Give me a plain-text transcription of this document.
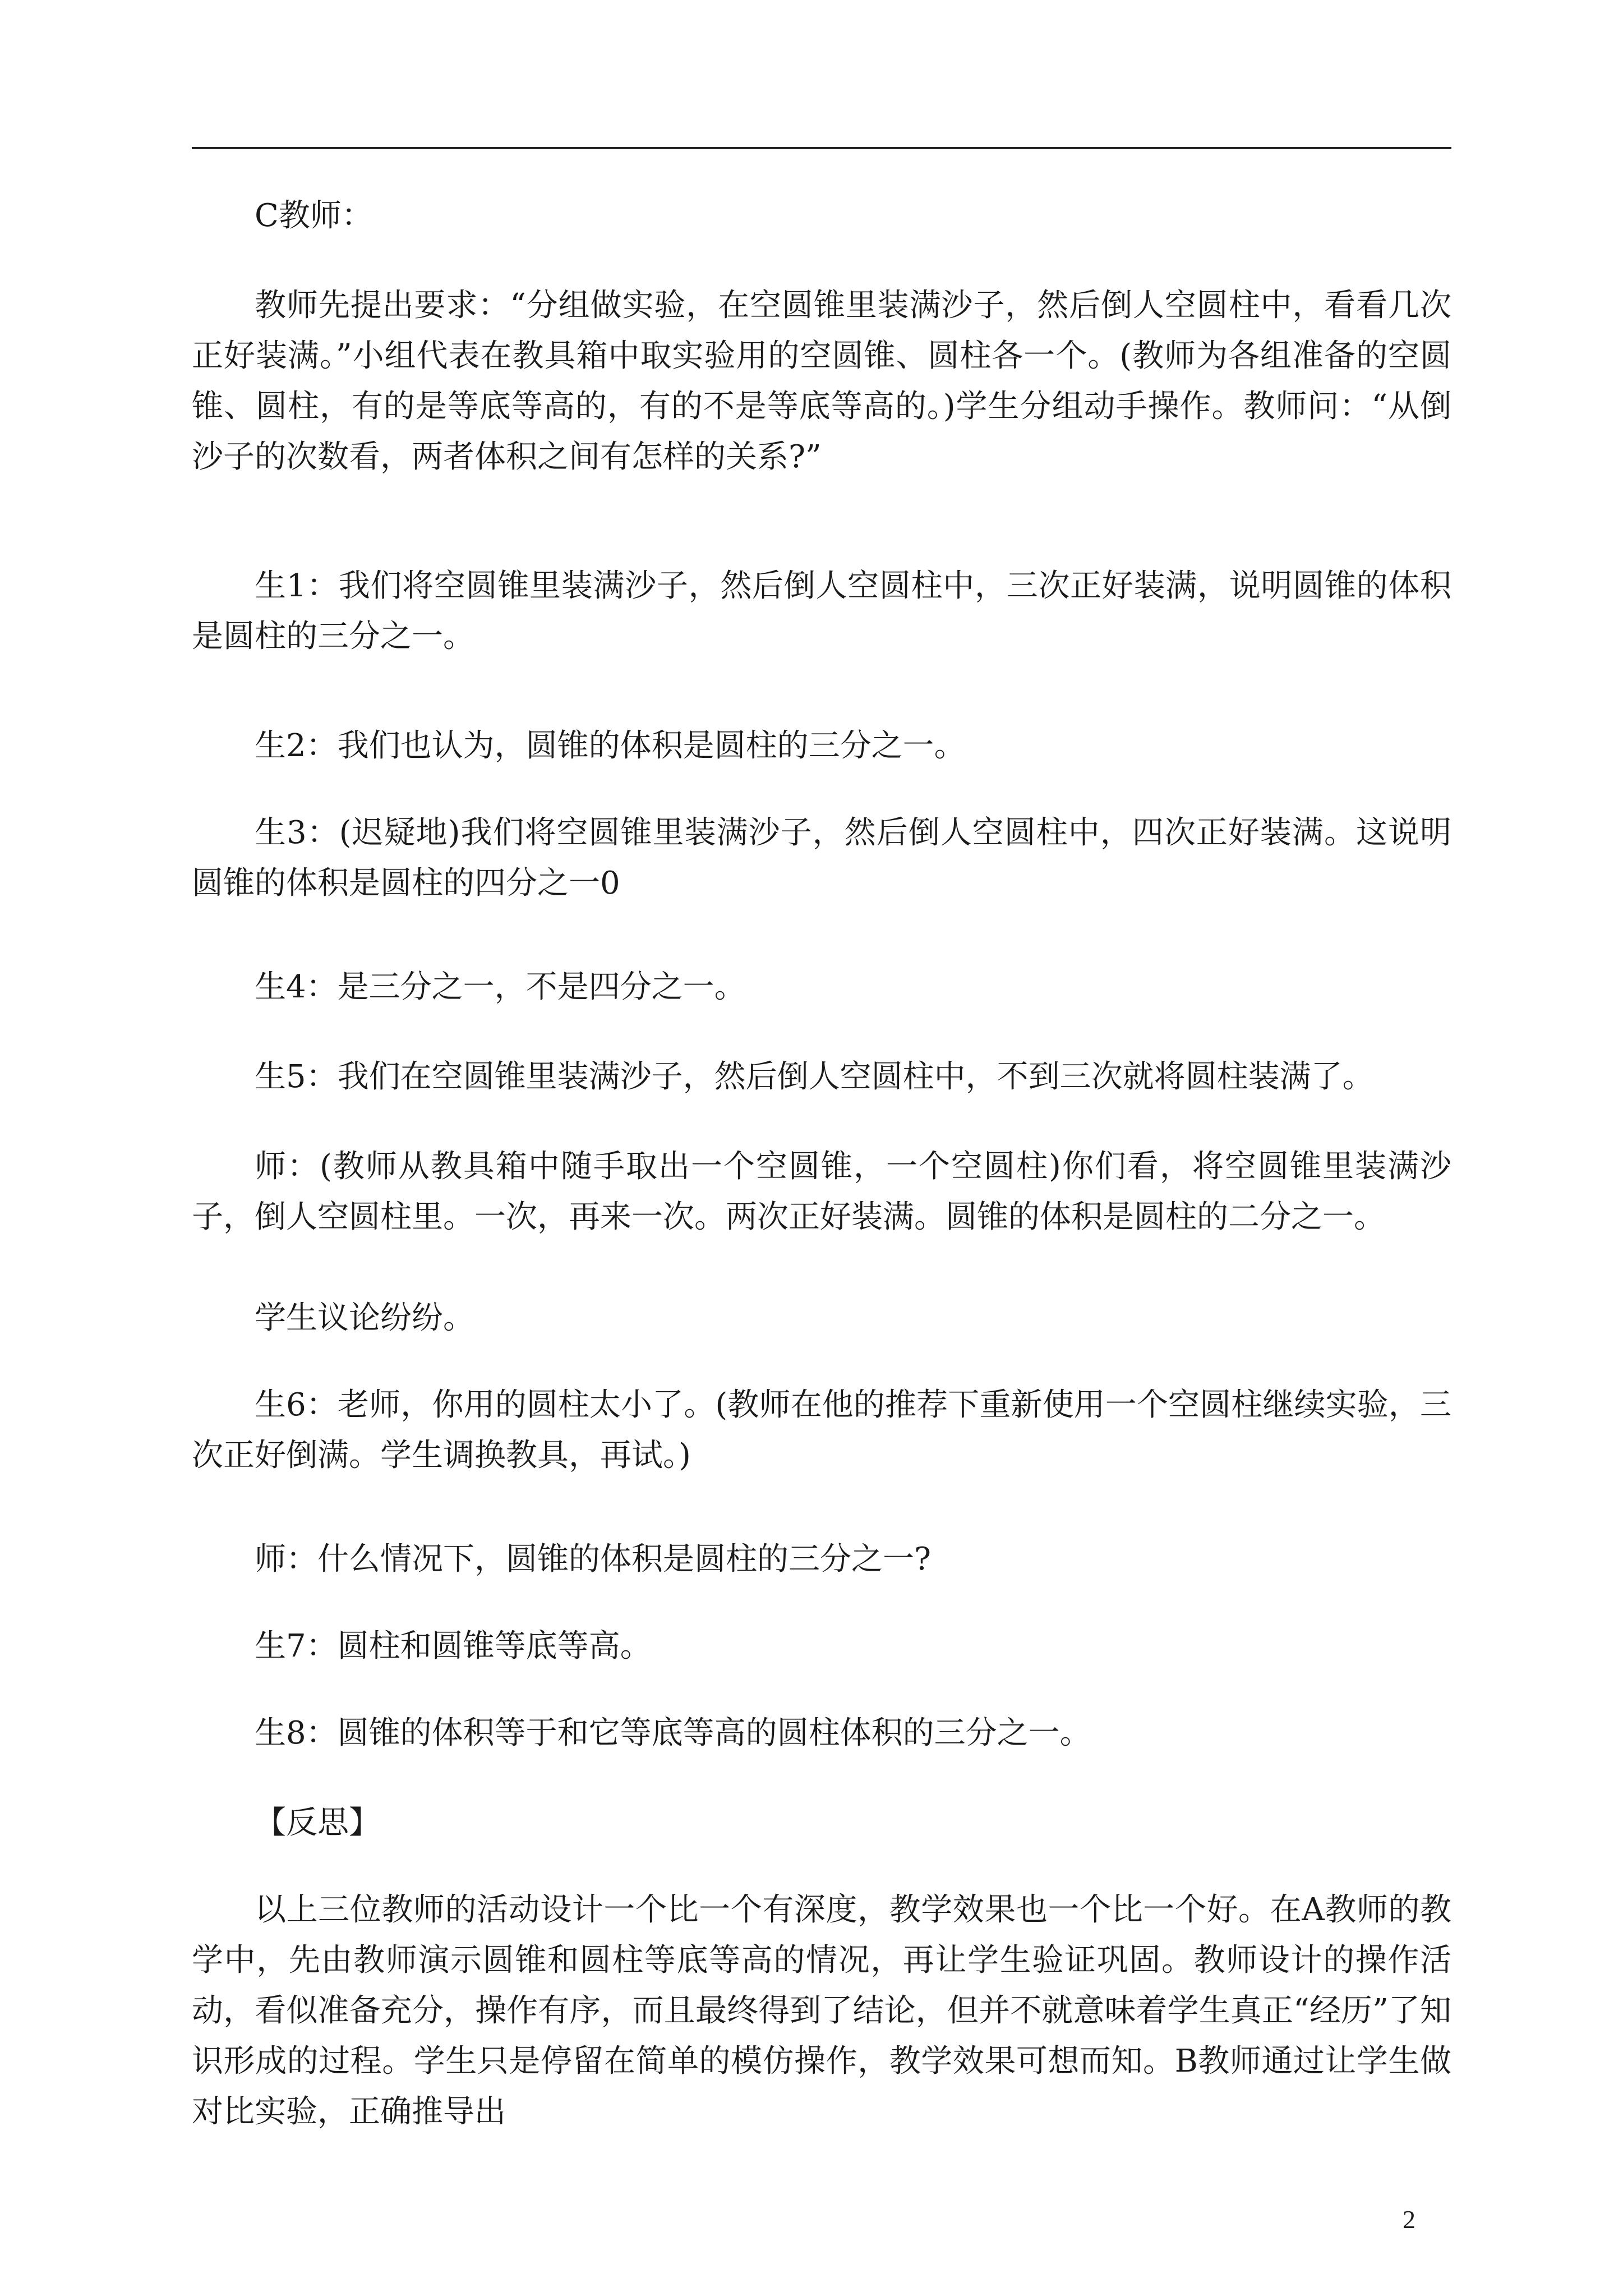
C教师：

教师先提出要求：“分组做实验，在空圆锥里装满沙子，然后倒人空圆柱中，看看几次正好装满。”小组代表在教具箱中取实验用的空圆锥、圆柱各一个。(教师为各组准备的空圆锥、圆柱，有的是等底等高的，有的不是等底等高的。)学生分组动手操作。教师问：“从倒沙子的次数看，两者体积之间有怎样的关系?”

生1：我们将空圆锥里装满沙子，然后倒人空圆柱中，三次正好装满，说明圆锥的体积是圆柱的三分之一。

生2：我们也认为，圆锥的体积是圆柱的三分之一。

生3：(迟疑地)我们将空圆锥里装满沙子，然后倒人空圆柱中，四次正好装满。这说明圆锥的体积是圆柱的四分之一0

生4：是三分之一，不是四分之一。

生5：我们在空圆锥里装满沙子，然后倒人空圆柱中，不到三次就将圆柱装满了。

师：(教师从教具箱中随手取出一个空圆锥，一个空圆柱)你们看，将空圆锥里装满沙子，倒人空圆柱里。一次，再来一次。两次正好装满。圆锥的体积是圆柱的二分之一。

学生议论纷纷。

生6：老师，你用的圆柱太小了。(教师在他的推荐下重新使用一个空圆柱继续实验，三次正好倒满。学生调换教具，再试。)

师：什么情况下，圆锥的体积是圆柱的三分之一?

生7：圆柱和圆锥等底等高。

生8：圆锥的体积等于和它等底等高的圆柱体积的三分之一。

【反思】

以上三位教师的活动设计一个比一个有深度，教学效果也一个比一个好。在A教师的教学中，先由教师演示圆锥和圆柱等底等高的情况，再让学生验证巩固。教师设计的操作活动，看似准备充分，操作有序，而且最终得到了结论，但并不就意味着学生真正“经历”了知识形成的过程。学生只是停留在简单的模仿操作，教学效果可想而知。B教师通过让学生做对比实验，正确推导出

2
